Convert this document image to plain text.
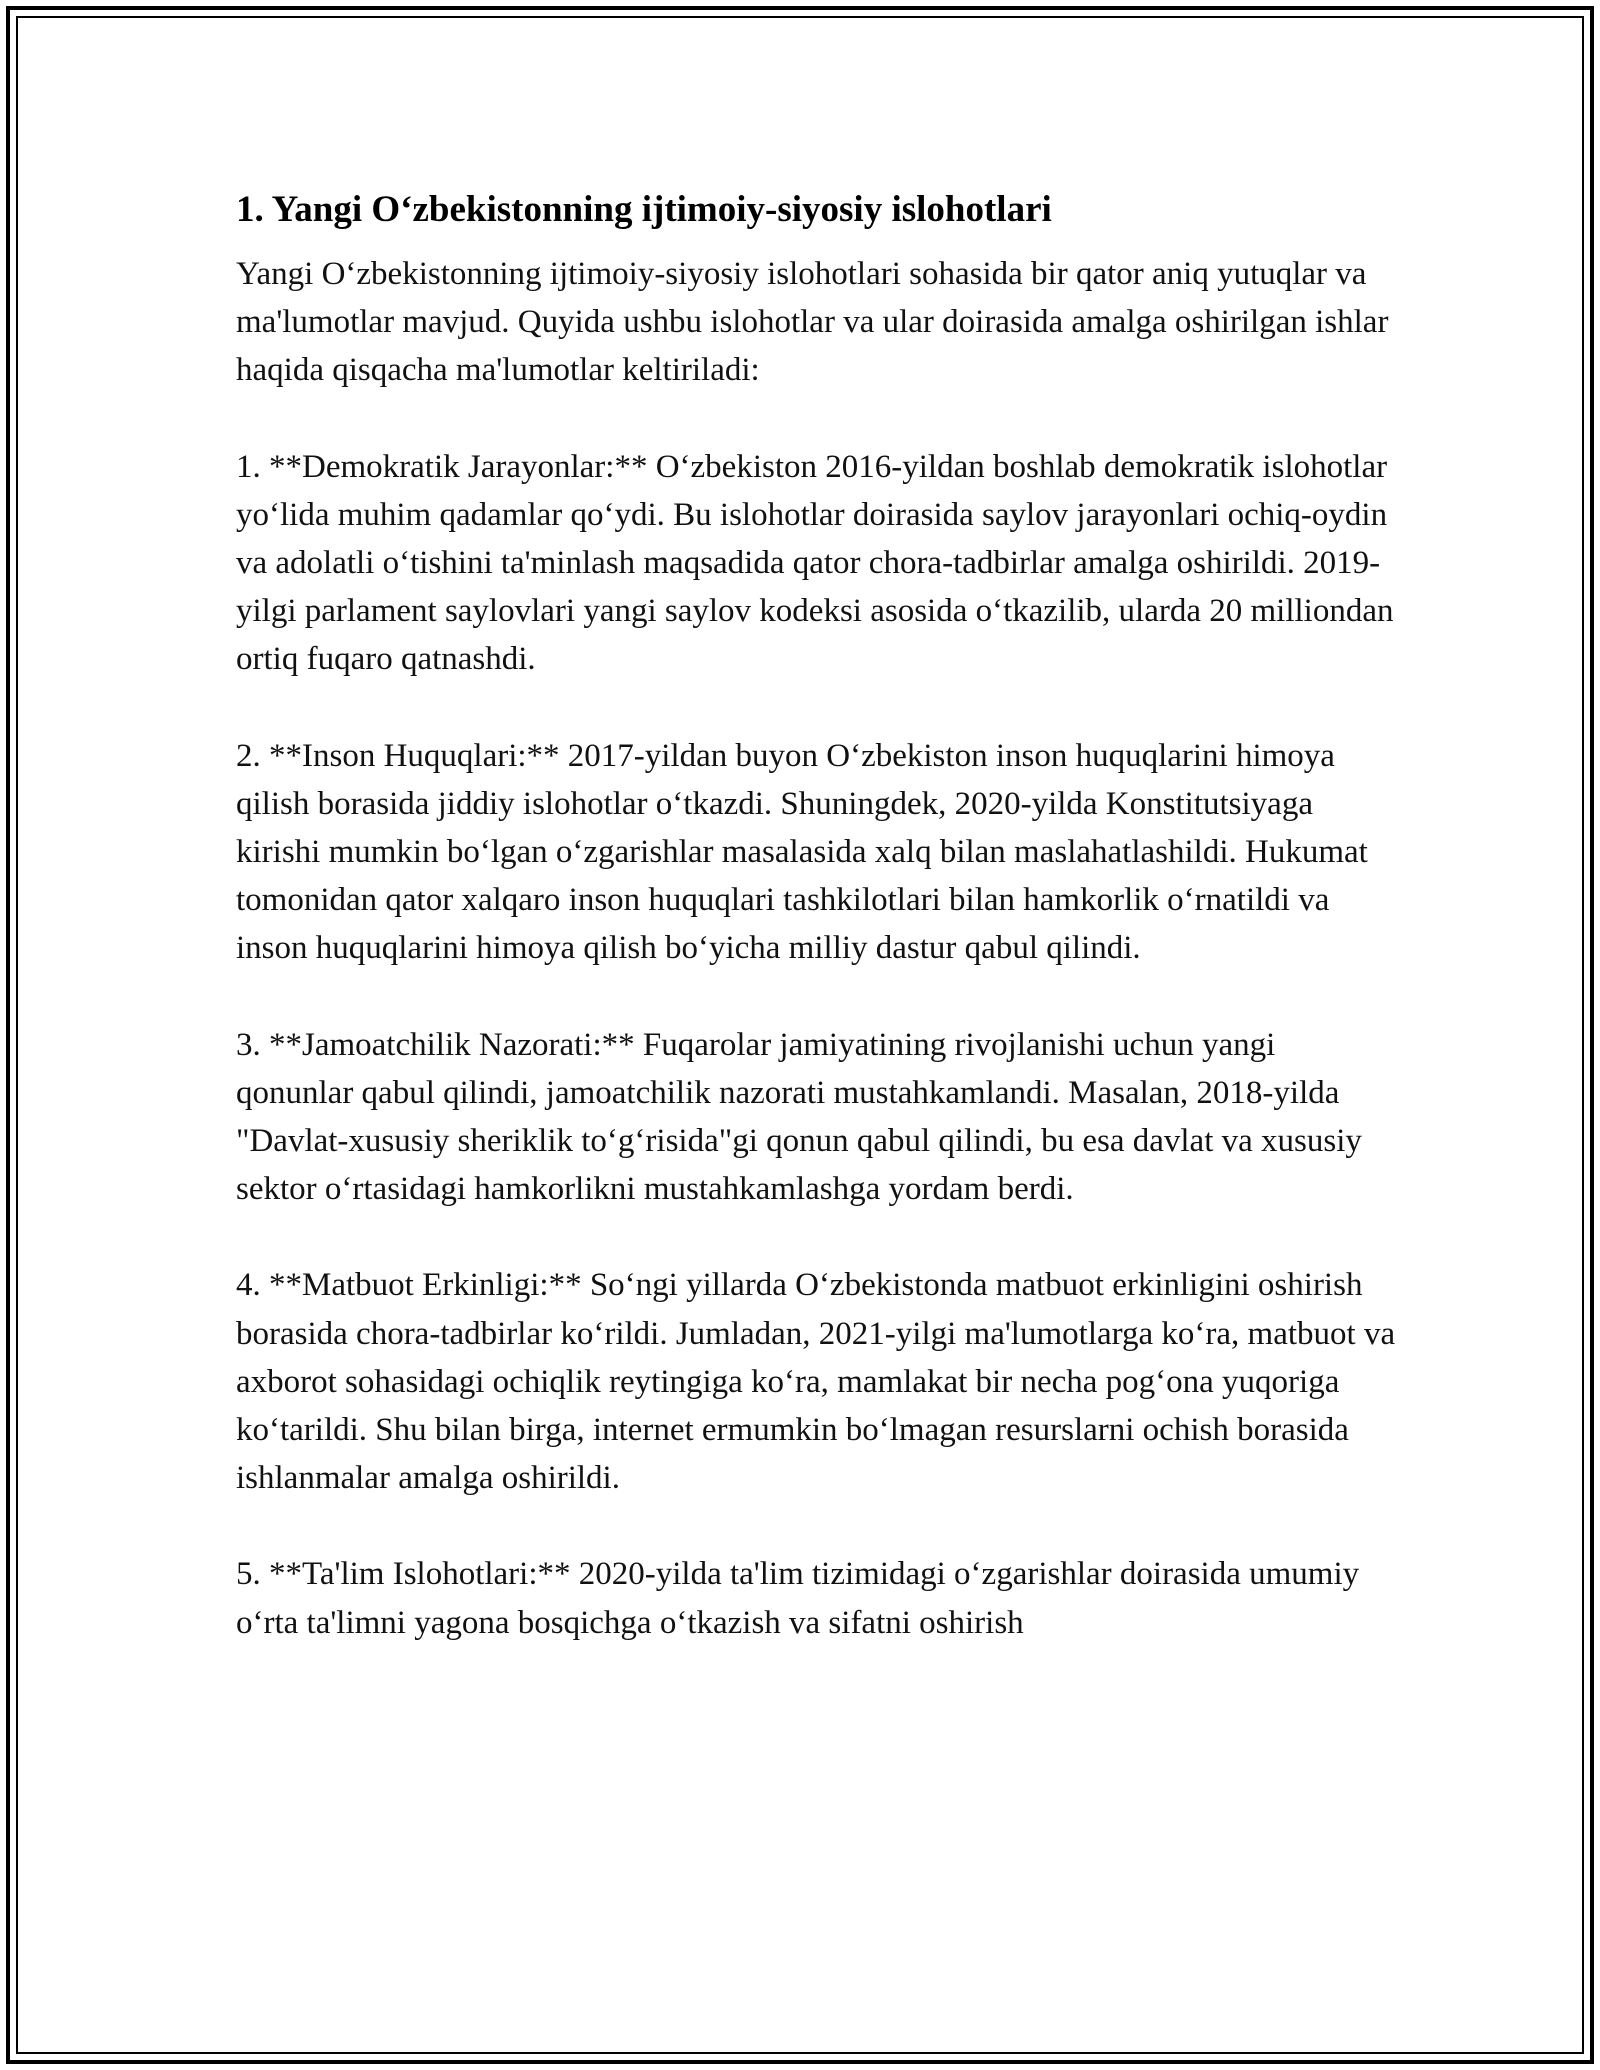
1. Yangi O‘zbekistonning ijtimoiy-siyosiy islohotlari

Yangi O‘zbekistonning ijtimoiy-siyosiy islohotlari sohasida bir qator aniq yutuqlar va ma'lumotlar mavjud. Quyida ushbu islohotlar va ular doirasida amalga oshirilgan ishlar haqida qisqacha ma'lumotlar keltiriladi:

1. **Demokratik Jarayonlar:** O‘zbekiston 2016-yildan boshlab demokratik islohotlar yo‘lida muhim qadamlar qo‘ydi. Bu islohotlar doirasida saylov jarayonlari ochiq-oydin va adolatli o‘tishini ta'minlash maqsadida qator chora-tadbirlar amalga oshirildi. 2019-yilgi parlament saylovlari yangi saylov kodeksi asosida o‘tkazilib, ularda 20 milliondan ortiq fuqaro qatnashdi.

2. **Inson Huquqlari:** 2017-yildan buyon O‘zbekiston inson huquqlarini himoya qilish borasida jiddiy islohotlar o‘tkazdi. Shuningdek, 2020-yilda Konstitutsiyaga kirishi mumkin bo‘lgan o‘zgarishlar masalasida xalq bilan maslahatlashildi. Hukumat tomonidan qator xalqaro inson huquqlari tashkilotlari bilan hamkorlik o‘rnatildi va inson huquqlarini himoya qilish bo‘yicha milliy dastur qabul qilindi.

3. **Jamoatchilik Nazorati:** Fuqarolar jamiyatining rivojlanishi uchun yangi qonunlar qabul qilindi, jamoatchilik nazorati mustahkamlandi. Masalan, 2018-yilda "Davlat-xususiy sheriklik to‘g‘risida"gi qonun qabul qilindi, bu esa davlat va xususiy sektor o‘rtasidagi hamkorlikni mustahkamlashga yordam berdi.

4. **Matbuot Erkinligi:** So‘ngi yillarda O‘zbekistonda matbuot erkinligini oshirish borasida chora-tadbirlar ko‘rildi. Jumladan, 2021-yilgi ma'lumotlarga ko‘ra, matbuot va axborot sohasidagi ochiqlik reytingiga ko‘ra, mamlakat bir necha pog‘ona yuqoriga ko‘tarildi. Shu bilan birga, internet ermumkin bo‘lmagan resurslarni ochish borasida ishlanmalar amalga oshirildi.

5. **Ta'lim Islohotlari:** 2020-yilda ta'lim tizimidagi o‘zgarishlar doirasida umumiy o‘rta ta'limni yagona bosqichga o‘tkazish va sifatni oshirish
